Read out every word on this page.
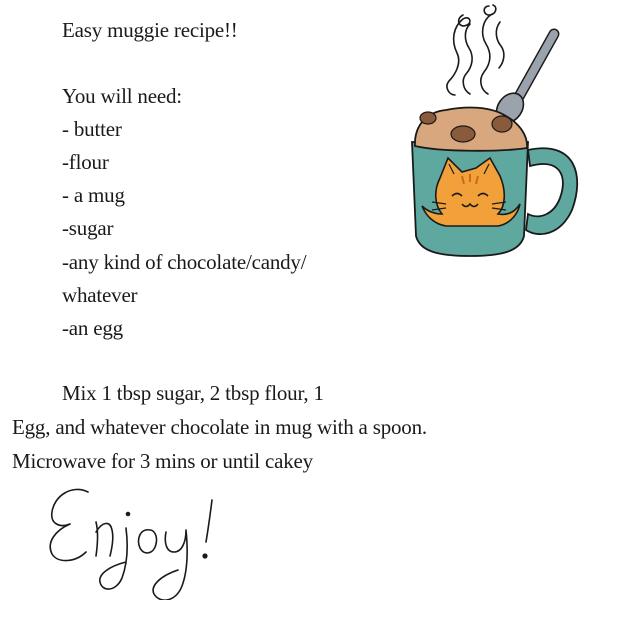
Easy muggie recipe!!
You will need:
- butter
-flour
- a mug
-sugar
-any kind of chocolate/candy/
whatever
-an egg
Mix 1 tbsp sugar, 2 tbsp flour, 1
Egg, and whatever chocolate in mug with a spoon.
Microwave for 3 mins or until cakey
